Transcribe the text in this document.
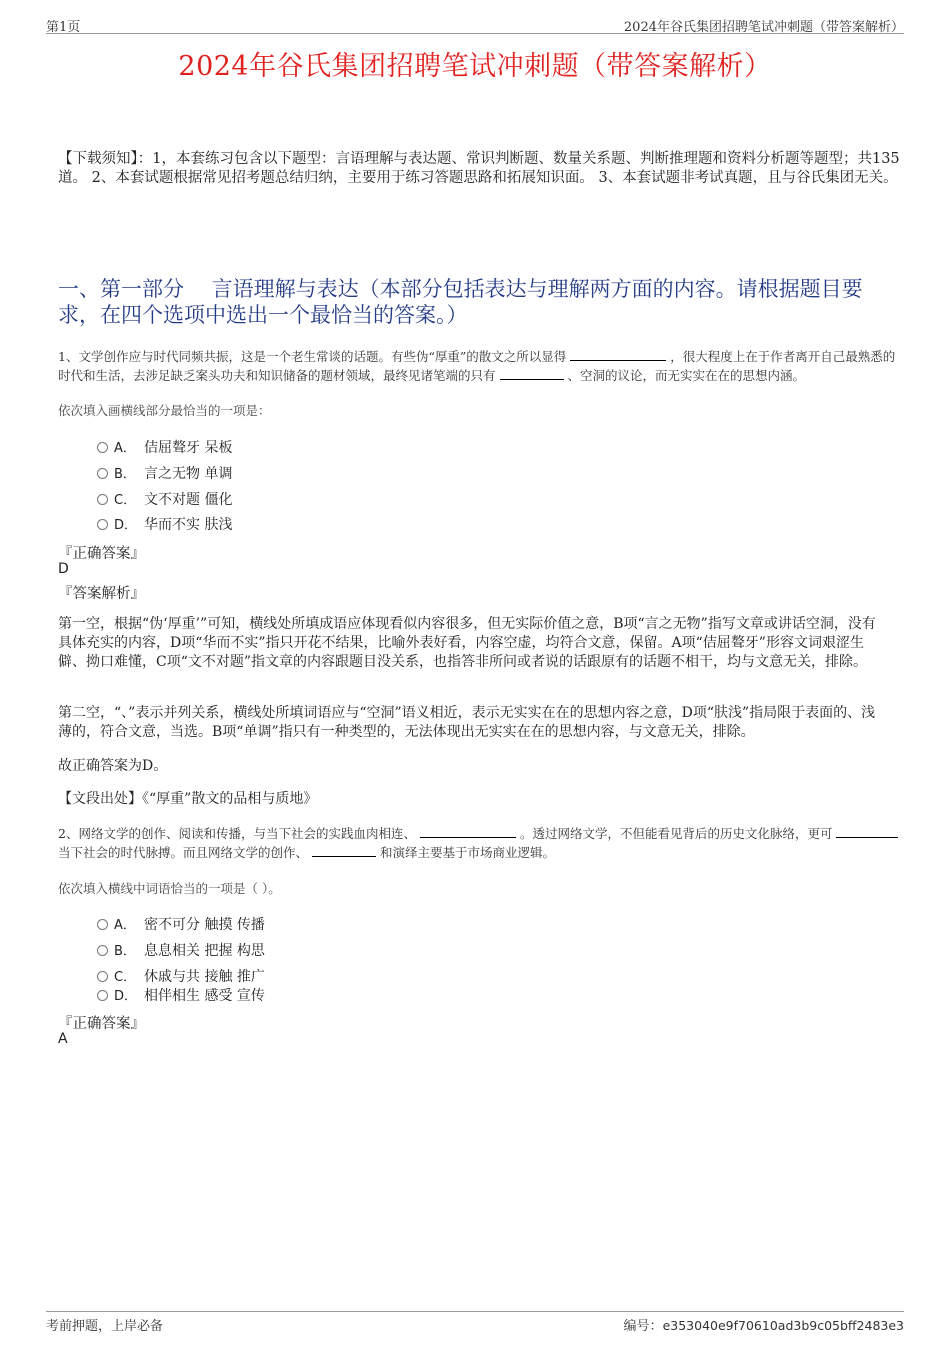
第1页	2024年谷氏集团招聘笔试冲刺题（带答案解析）
2024年谷氏集团招聘笔试冲刺题（带答案解析）
【下载须知】：1，本套练习包含以下题型：言语理解与表达题、常识判断题、数量关系题、判断推理题和资料分析题等题型；共135道。 2、本套试题根据常见招考题总结归纳，主要用于练习答题思路和拓展知识面。 3、本套试题非考试真题，且与谷氏集团无关。
一、第一部分　 言语理解与表达（本部分包括表达与理解两方面的内容。请根据题目要求，在四个选项中选出一个最恰当的答案。）
1、文学创作应与时代同频共振，这是一个老生常谈的话题。有些伪“厚重”的散文之所以显得	，很大程度上在于作者离开自己最熟悉的时代和生活，去涉足缺乏案头功夫和知识储备的题材领域，最终见诸笔端的只有	、空洞的议论，而无实实在在的思想内涵。
依次填入画横线部分最恰当的一项是：
A． 佶屈聱牙 呆板
B． 言之无物 单调
C． 文不对题 僵化
D． 华而不实 肤浅
『正确答案』
D
『答案解析』
第一空，根据“伪‘厚重’”可知，横线处所填成语应体现看似内容很多，但无实际价值之意，B项“言之无物”指写文章或讲话空洞，没有具体充实的内容，D项“华而不实”指只开花不结果，比喻外表好看，内容空虚，均符合文意，保留。A项“佶屈聱牙”形容文词艰涩生僻、拗口难懂，C项“文不对题”指文章的内容跟题目没关系，也指答非所问或者说的话跟原有的话题不相干，均与文意无关，排除。
第二空，“、”表示并列关系，横线处所填词语应与“空洞”语义相近，表示无实实在在的思想内容之意，D项“肤浅”指局限于表面的、浅薄的，符合文意，当选。B项“单调”指只有一种类型的，无法体现出无实实在在的思想内容，与文意无关，排除。
故正确答案为D。
【文段出处】《“厚重”散文的品相与质地》
2、网络文学的创作、阅读和传播，与当下社会的实践血肉相连、	。透过网络文学，不但能看见背后的历史文化脉络，更可  当下社会的时代脉搏。而且网络文学的创作、	和演绎主要基于市场商业逻辑。
依次填入横线中词语恰当的一项是（ ）。
A． 密不可分 触摸 传播
B． 息息相关 把握 构思
C． 休戚与共 接触 推广
D． 相伴相生 感受 宣传
『正确答案』
A
考前押题，上岸必备	编号：e353040e9f70610ad3b9c05bff2483e3
